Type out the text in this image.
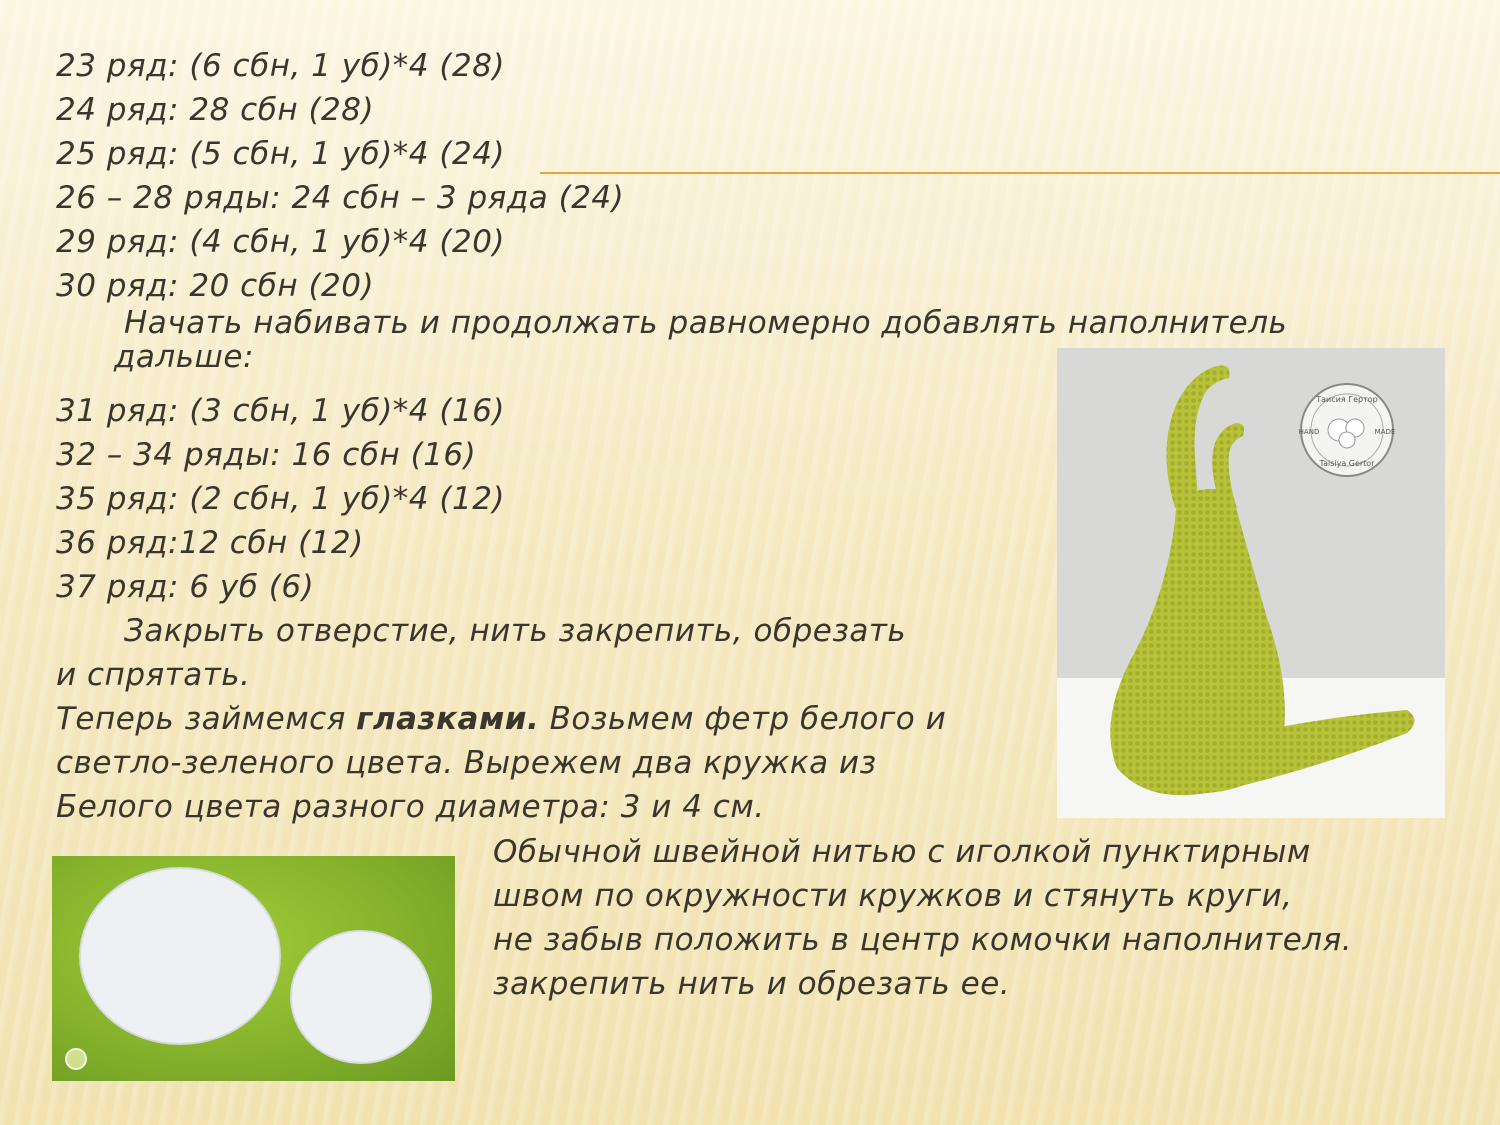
23 ряд: (6 сбн, 1 уб)*4 (28)
24 ряд: 28 сбн (28)
25 ряд: (5 сбн, 1 уб)*4 (24)
26 – 28 ряды: 24 сбн – 3 ряда (24)
29 ряд: (4 сбн, 1 уб)*4 (20)
30 ряд: 20 сбн (20)
Начать набивать и продолжать равномерно добавлять наполнитель
дальше:
31 ряд: (3 сбн, 1 уб)*4 (16)
32 – 34 ряды: 16 сбн (16)
35 ряд: (2 сбн, 1 уб)*4 (12)
36 ряд:12 сбн (12)
37 ряд: 6 уб (6)
Закрыть отверстие, нить закрепить, обрезать
и спрятать.
Теперь займемся глазками. Возьмем фетр белого и
светло-зеленого цвета. Вырежем два кружка из
Белого цвета разного диаметра: 3 и 4 см.
Таисия Гертор
Taisiya Gertor
HAND	MADE
Обычной швейной нитью с иголкой пунктирным
швом по окружности кружков и стянуть круги,
не забыв положить в центр комочки наполнителя.
закрепить нить и обрезать ее.
